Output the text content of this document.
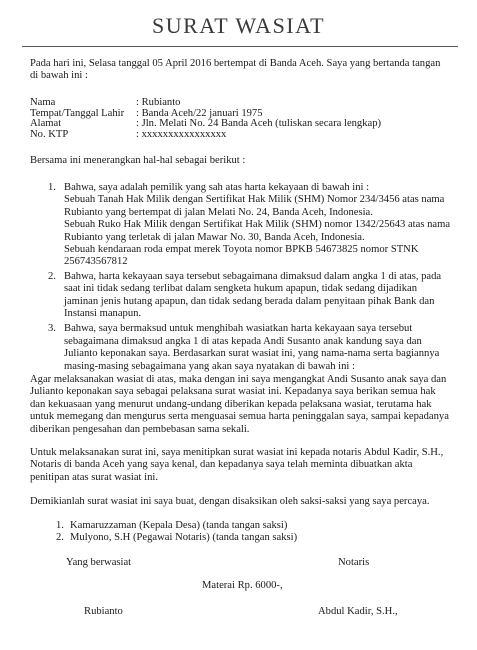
SURAT WASIAT

Pada hari ini, Selasa tanggal 05 April 2016 bertempat di Banda Aceh. Saya yang bertanda tangan di bawah ini :

Nama	: Rubianto
Tempat/Tanggal Lahir : Banda Aceh/22 januari 1975
Alamat	: Jln. Melati No. 24 Banda Aceh (tuliskan secara lengkap)
No. KTP	: xxxxxxxxxxxxxxxx

Bersama ini menerangkan hal-hal sebagai berikut :

1. Bahwa, saya adalah pemilik yang sah atas harta kekayaan di bawah ini :
Sebuah Tanah Hak Milik dengan Sertifikat Hak Milik (SHM) Nomor 234/3456 atas nama Rubianto yang bertempat di jalan Melati No. 24, Banda Aceh, Indonesia.
Sebuah Ruko Hak Milik dengan Sertifikat Hak Milik (SHM) nomor 1342/25643 atas nama Rubianto yang terletak di jalan Mawar No. 30, Banda Aceh, Indonesia.
Sebuah kendaraan roda empat merek Toyota nomor BPKB 54673825 nomor STNK 256743567812
2. Bahwa, harta kekayaan saya tersebut sebagaimana dimaksud dalam angka 1 di atas, pada saat ini tidak sedang terlibat dalam sengketa hukum apapun, tidak sedang dijadikan jaminan jenis hutang apapun, dan tidak sedang berada dalam penyitaan pihak Bank dan Instansi manapun.
3. Bahwa, saya bermaksud untuk menghibah wasiatkan harta kekayaan saya tersebut sebagaimana dimaksud angka 1 di atas kepada Andi Susanto anak kandung saya dan Julianto keponakan saya. Berdasarkan surat wasiat ini, yang nama-nama serta bagiannya masing-masing sebagaimana yang akan saya nyatakan di bawah ini :

Agar melaksanakan wasiat di atas, maka dengan ini saya mengangkat Andi Susanto anak saya dan Julianto keponakan saya sebagai pelaksana surat wasiat ini. Kepadanya saya berikan semua hak dan kekuasaan yang menurut undang-undang diberikan kepada pelaksana wasiat, terutama hak untuk memegang dan mengurus serta menguasai semua harta peninggalan saya, sampai kepadanya diberikan pengesahan dan pembebasan sama sekali.

Untuk melaksanakan surat ini, saya menitipkan surat wasiat ini kepada notaris Abdul Kadir, S.H., Notaris di banda Aceh yang saya kenal, dan kepadanya saya telah meminta dibuatkan akta penitipan atas surat wasiat ini.

Demikianlah surat wasiat ini saya buat, dengan disaksikan oleh saksi-saksi yang saya percaya.

1. Kamaruzzaman (Kepala Desa) (tanda tangan saksi)
2. Mulyono, S.H (Pegawai Notaris) (tanda tangan saksi)
Yang berwasiat	Notaris
Materai Rp. 6000-,
Rubianto	Abdul Kadir, S.H.,
